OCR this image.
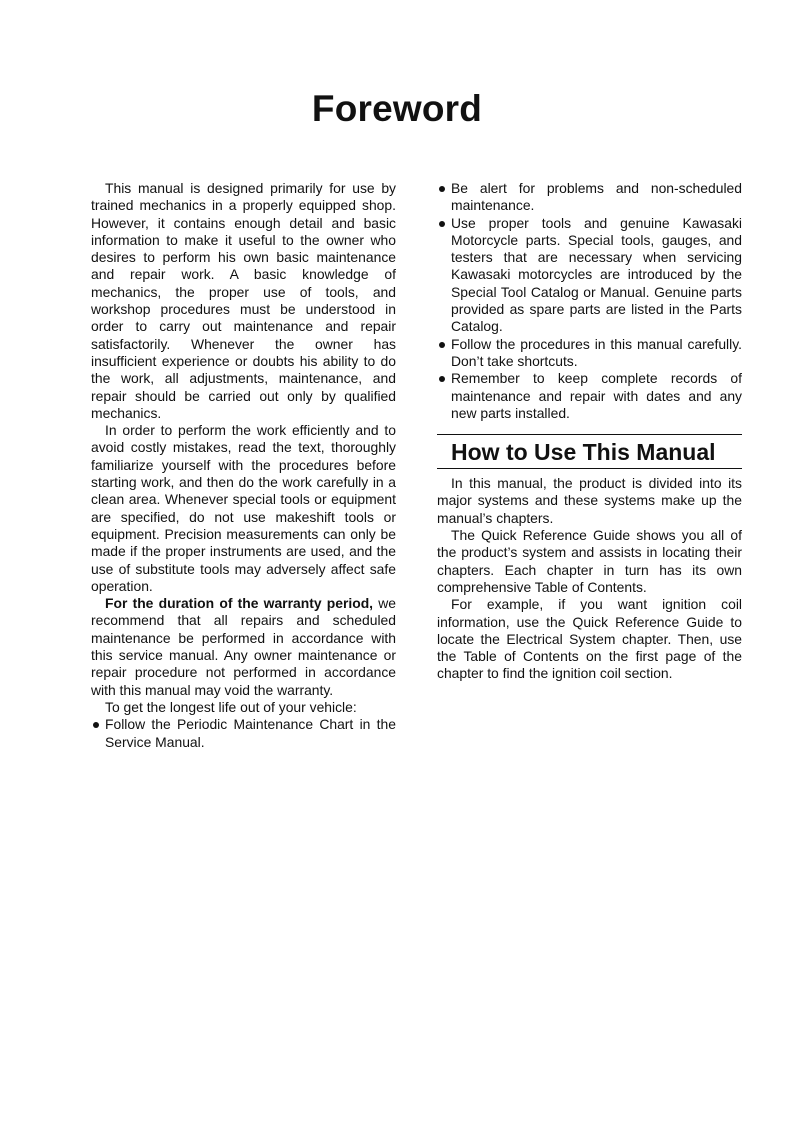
Foreword

This manual is designed primarily for use by trained mechanics in a properly equipped shop. However, it contains enough detail and basic information to make it useful to the owner who desires to perform his own basic maintenance and repair work. A basic knowledge of mechanics, the proper use of tools, and workshop procedures must be understood in order to carry out maintenance and repair satisfactorily. Whenever the owner has insufficient experience or doubts his ability to do the work, all adjustments, maintenance, and repair should be carried out only by qualified mechanics.

In order to perform the work efficiently and to avoid costly mistakes, read the text, thoroughly familiarize yourself with the procedures before starting work, and then do the work carefully in a clean area. Whenever special tools or equipment are specified, do not use makeshift tools or equipment. Precision measurements can only be made if the proper instruments are used, and the use of substitute tools may adversely affect safe operation.

For the duration of the warranty period, we recommend that all repairs and scheduled maintenance be performed in accordance with this service manual. Any owner maintenance or repair procedure not performed in accordance with this manual may void the warranty.

To get the longest life out of your vehicle:

Follow the Periodic Maintenance Chart in the Service Manual.
Be alert for problems and non-scheduled maintenance.
Use proper tools and genuine Kawasaki Motorcycle parts. Special tools, gauges, and testers that are necessary when servicing Kawasaki motorcycles are introduced by the Special Tool Catalog or Manual. Genuine parts provided as spare parts are listed in the Parts Catalog.
Follow the procedures in this manual carefully. Don’t take shortcuts.
Remember to keep complete records of maintenance and repair with dates and any new parts installed.
How to Use This Manual

In this manual, the product is divided into its major systems and these systems make up the manual’s chapters.

The Quick Reference Guide shows you all of the product’s system and assists in locating their chapters. Each chapter in turn has its own comprehensive Table of Contents.

For example, if you want ignition coil information, use the Quick Reference Guide to locate the Electrical System chapter. Then, use the Table of Contents on the first page of the chapter to find the ignition coil section.
